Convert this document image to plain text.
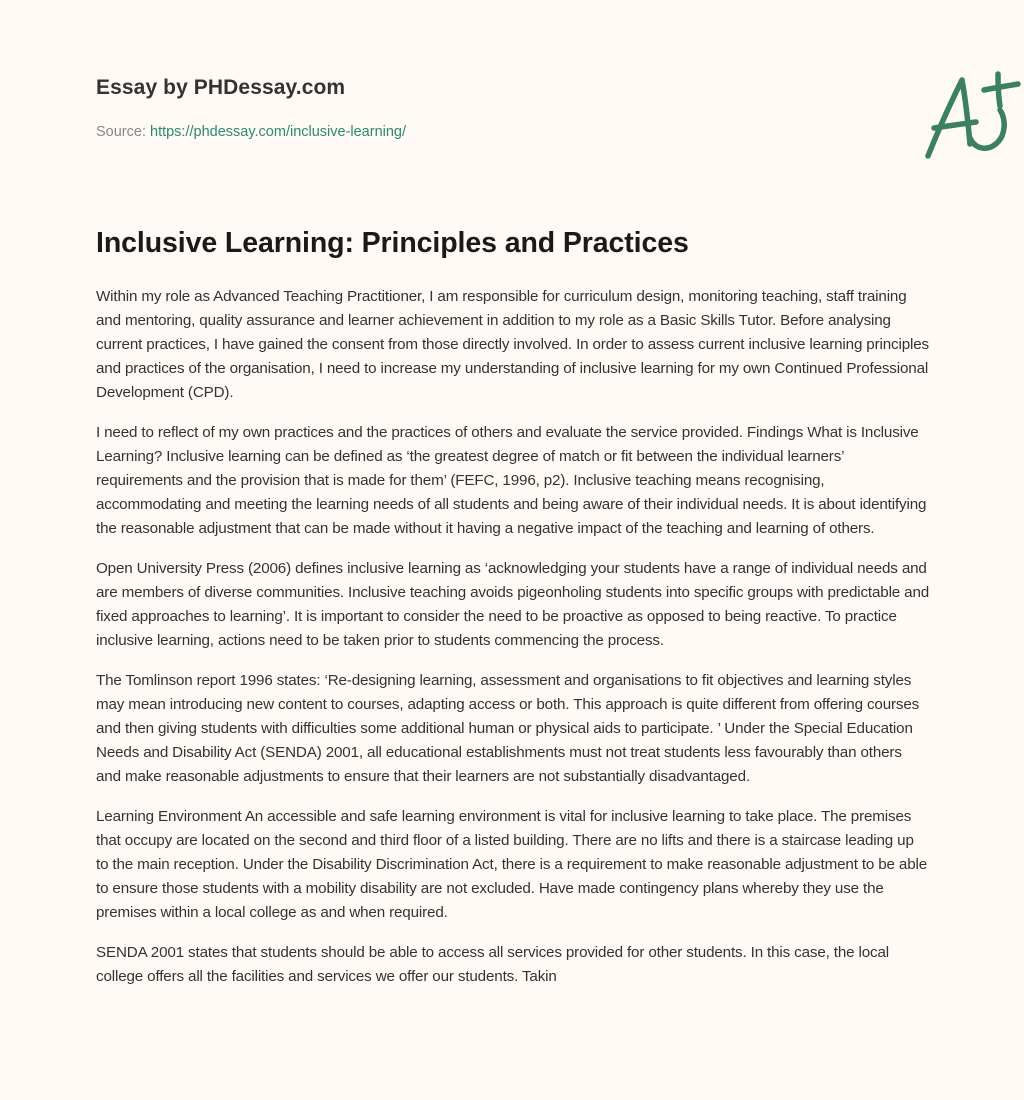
Essay by PHDessay.com
Source: https://phdessay.com/inclusive-learning/
Inclusive Learning: Principles and Practices

Within my role as Advanced Teaching Practitioner, I am responsible for curriculum design, monitoring teaching, staff training and mentoring, quality assurance and learner achievement in addition to my role as a Basic Skills Tutor. Before analysing current practices, I have gained the consent from those directly involved. In order to assess current inclusive learning principles and practices of the organisation, I need to increase my understanding of inclusive learning for my own Continued Professional Development (CPD).

I need to reflect of my own practices and the practices of others and evaluate the service provided. Findings What is Inclusive Learning? Inclusive learning can be defined as ‘the greatest degree of match or fit between the individual learners’ requirements and the provision that is made for them’ (FEFC, 1996, p2). Inclusive teaching means recognising, accommodating and meeting the learning needs of all students and being aware of their individual needs. It is about identifying the reasonable adjustment that can be made without it having a negative impact of the teaching and learning of others.

Open University Press (2006) defines inclusive learning as ‘acknowledging your students have a range of individual needs and are members of diverse communities. Inclusive teaching avoids pigeonholing students into specific groups with predictable and fixed approaches to learning’. It is important to consider the need to be proactive as opposed to being reactive. To practice inclusive learning, actions need to be taken prior to students commencing the process.

The Tomlinson report 1996 states: ‘Re-designing learning, assessment and organisations to fit objectives and learning styles may mean introducing new content to courses, adapting access or both. This approach is quite different from offering courses and then giving students with difficulties some additional human or physical aids to participate. ’ Under the Special Education Needs and Disability Act (SENDA) 2001, all educational establishments must not treat students less favourably than others and make reasonable adjustments to ensure that their learners are not substantially disadvantaged.

Learning Environment An accessible and safe learning environment is vital for inclusive learning to take place. The premises that occupy are located on the second and third floor of a listed building. There are no lifts and there is a staircase leading up to the main reception. Under the Disability Discrimination Act, there is a requirement to make reasonable adjustment to be able to ensure those students with a mobility disability are not excluded. Have made contingency plans whereby they use the premises within a local college as and when required.

SENDA 2001 states that students should be able to access all services provided for other students. In this case, the local college offers all the facilities and services we offer our students. Takin
